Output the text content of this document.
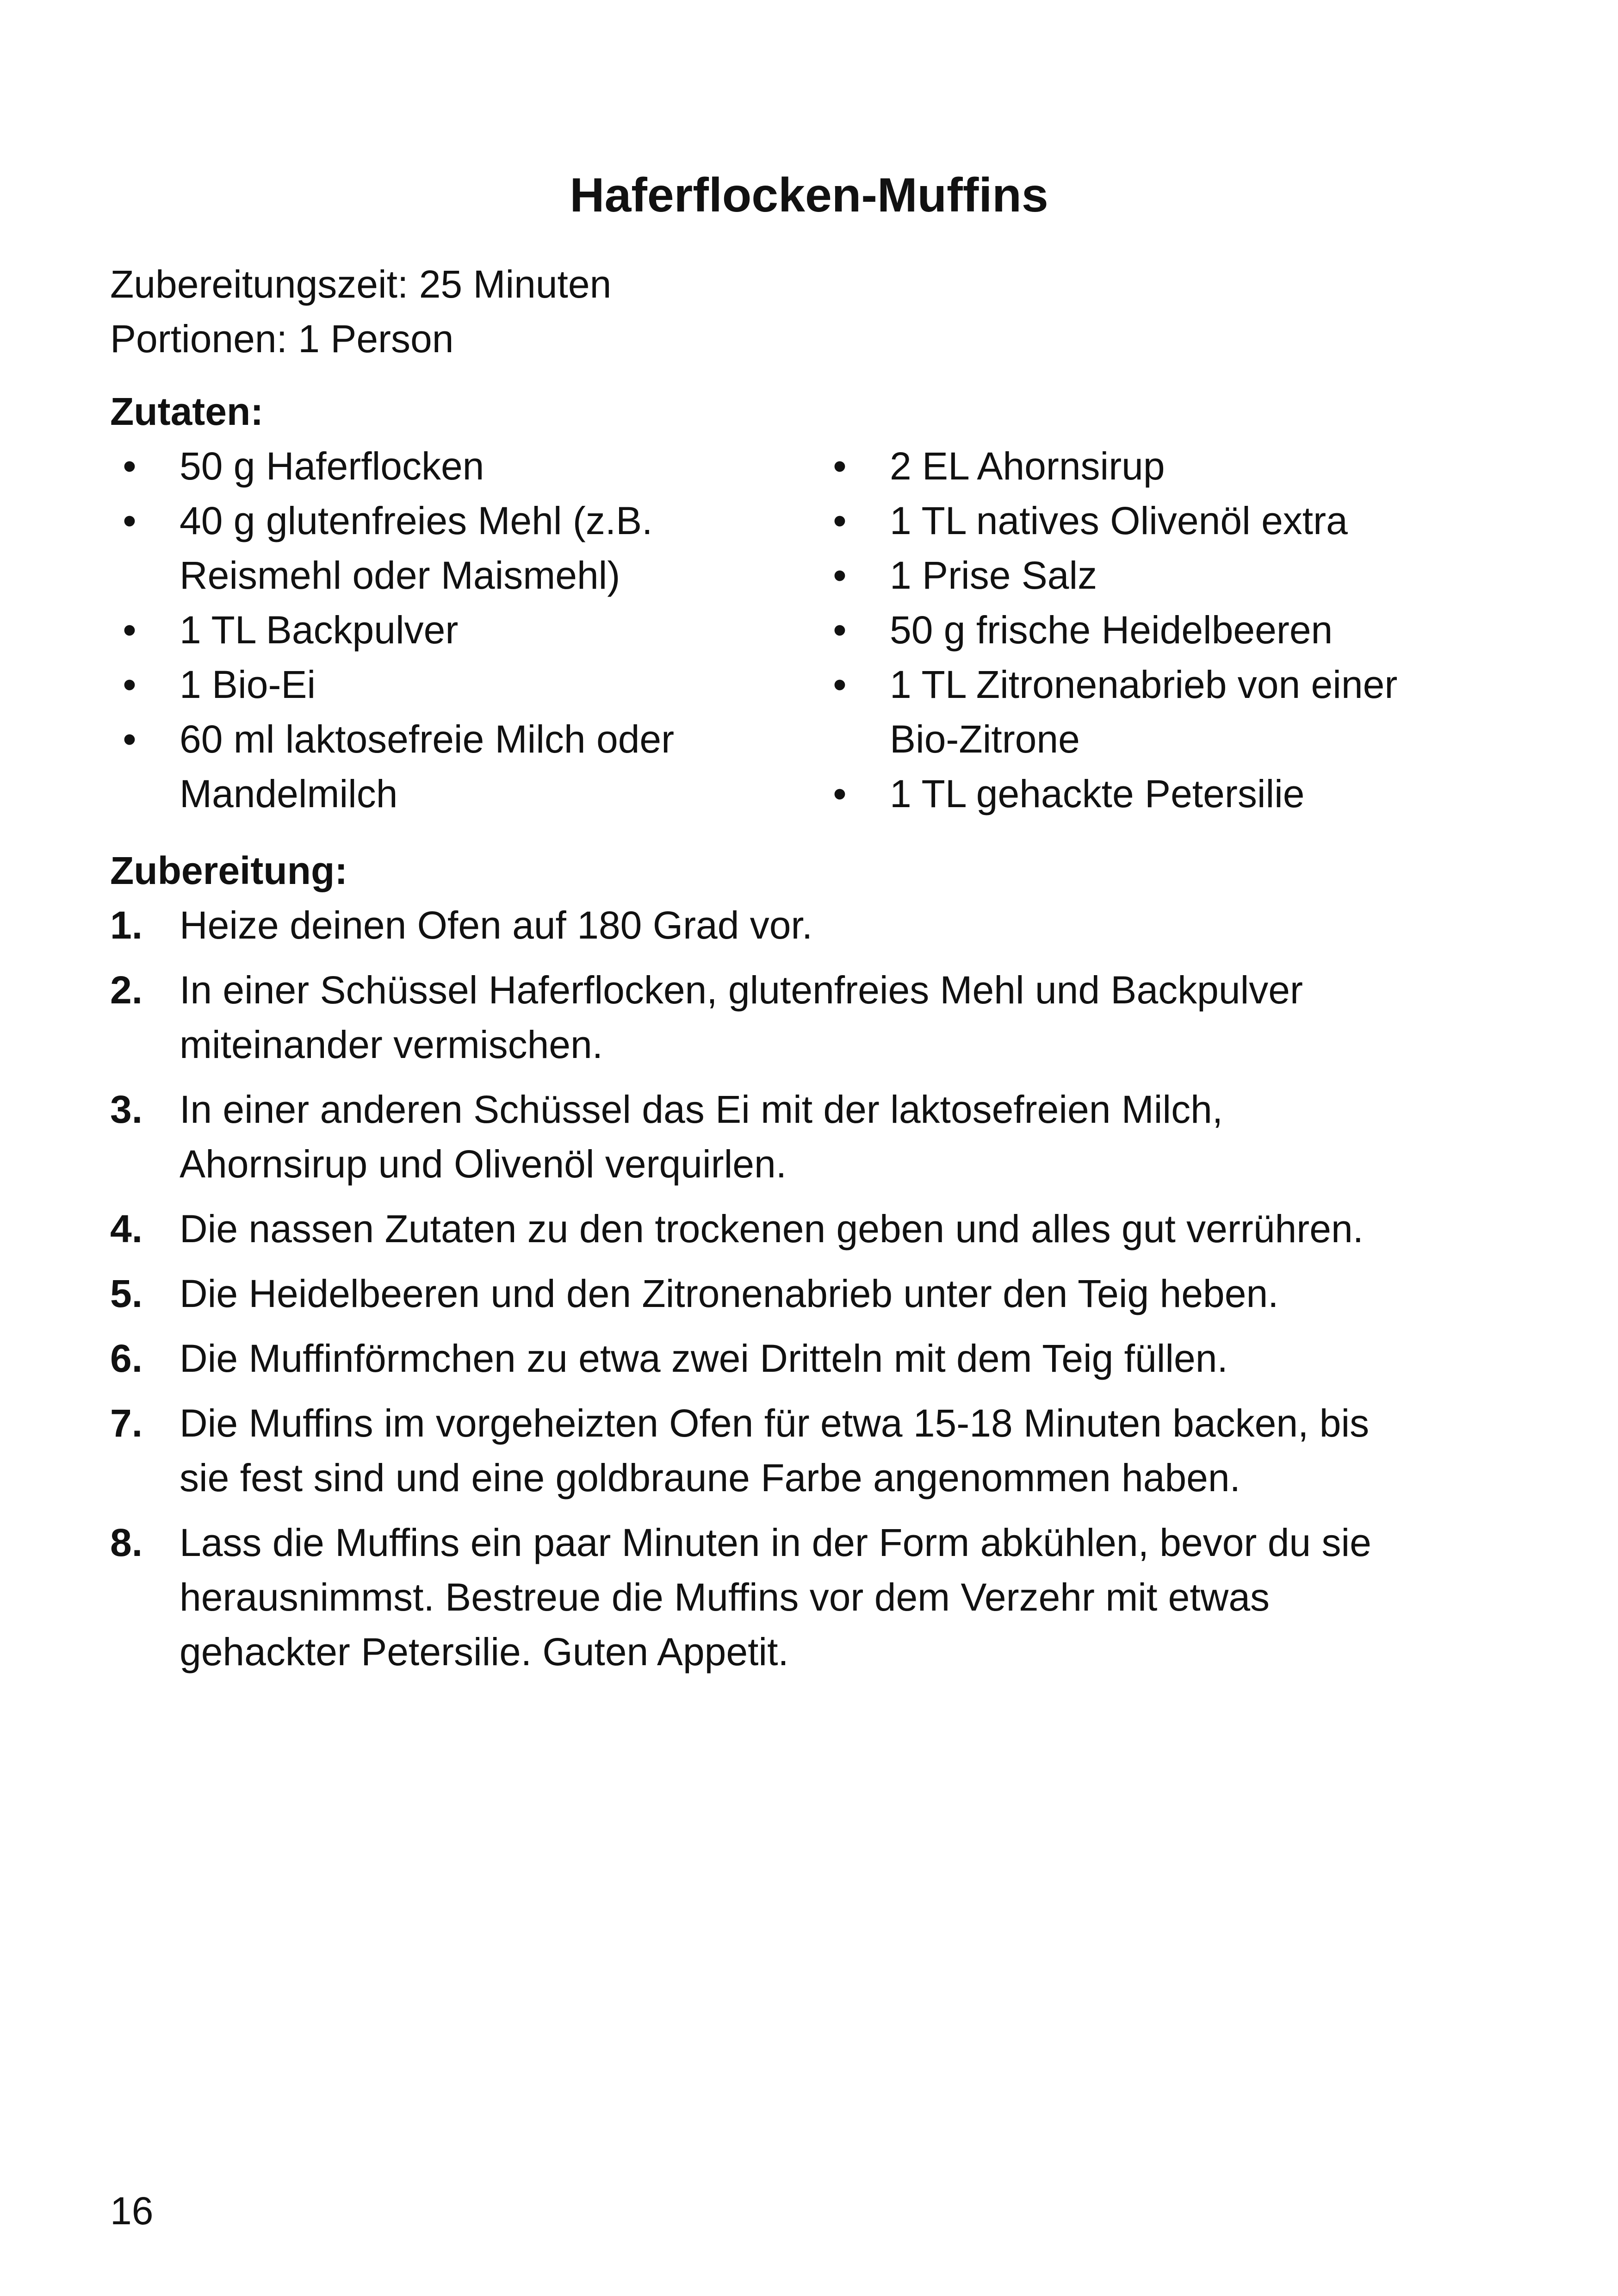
Haferflocken-Muffins
Zubereitungszeit: 25 Minuten
Portionen: 1 Person
Zutaten:
• 50 g Haferflocken
• 40 g glutenfreies Mehl (z.B. Reismehl oder Maismehl)
• 1 TL Backpulver
• 1 Bio-Ei
• 60 ml laktosefreie Milch oder Mandelmilch
• 2 EL Ahornsirup
• 1 TL natives Olivenöl extra
• 1 Prise Salz
• 50 g frische Heidelbeeren
• 1 TL Zitronenabrieb von einer Bio-Zitrone
• 1 TL gehackte Petersilie
Zubereitung:
1. Heize deinen Ofen auf 180 Grad vor.
2. In einer Schüssel Haferflocken, glutenfreies Mehl und Backpulver miteinander vermischen.
3. In einer anderen Schüssel das Ei mit der laktosefreien Milch, Ahornsirup und Olivenöl verquirlen.
4. Die nassen Zutaten zu den trockenen geben und alles gut verrühren.
5. Die Heidelbeeren und den Zitronenabrieb unter den Teig heben.
6. Die Muffinförmchen zu etwa zwei Dritteln mit dem Teig füllen.
7. Die Muffins im vorgeheizten Ofen für etwa 15-18 Minuten backen, bis sie fest sind und eine goldbraune Farbe angenommen haben.
8. Lass die Muffins ein paar Minuten in der Form abkühlen, bevor du sie herausnimmst. Bestreue die Muffins vor dem Verzehr mit etwas gehackter Petersilie. Guten Appetit.
16
